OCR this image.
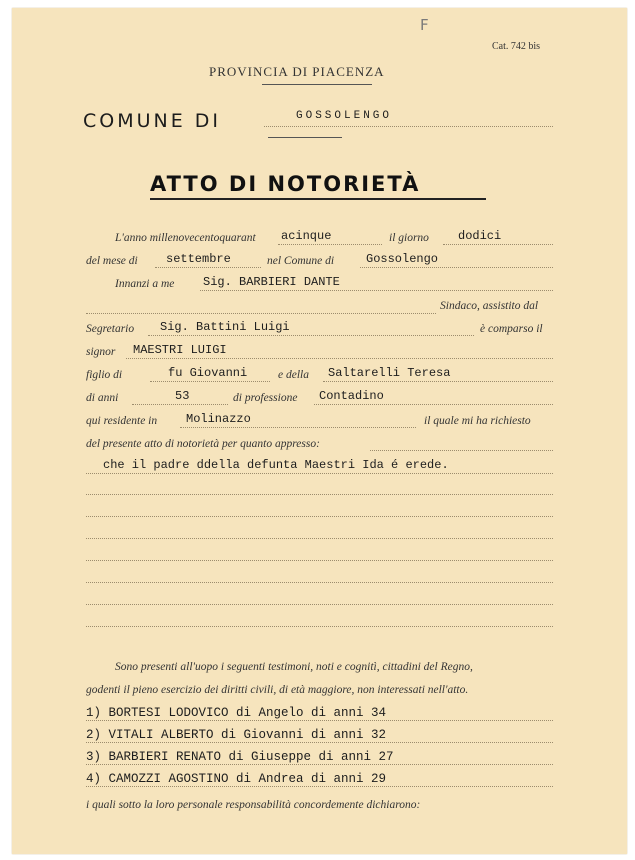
F
Cat. 742 bis
PROVINCIA DI PIACENZA
COMUNE DI	GOSSOLENGO
ATTO DI NOTORIETÀ
L'anno millenovecentoquarant acinque	il giorno dodici
del mese di settembre	nel Comune di	Gossolengo
Innanzi a me Sig. BARBIERI DANTE
Sindaco, assistito dal
Segretario Sig. Battini Luigi	è comparso il
signor MAESTRI LUIGI
figlio di	fu Giovanni	e della Saltarelli Teresa
di anni	53	di professione Contadino
qui residente in Molinazzo	il quale mi ha richiesto
del presente atto di notorietà per quanto appresso:
che il padre ddella defunta Maestri Ida é erede.
Sono presenti all'uopo i seguenti testimoni, noti e cognitì, cittadini del Regno,
godenti il pieno esercizio dei diritti civili, di età maggiore, non interessati nell'atto.
1) BORTESI LODOVICO di Angelo di anni 34
2) VITALI ALBERTO di Giovanni di anni 32
3) BARBIERI RENATO di Giuseppe di anni 27
4) CAMOZZI AGOSTINO di Andrea di anni 29
i quali sotto la loro personale responsabilità concordemente dichiarono:
